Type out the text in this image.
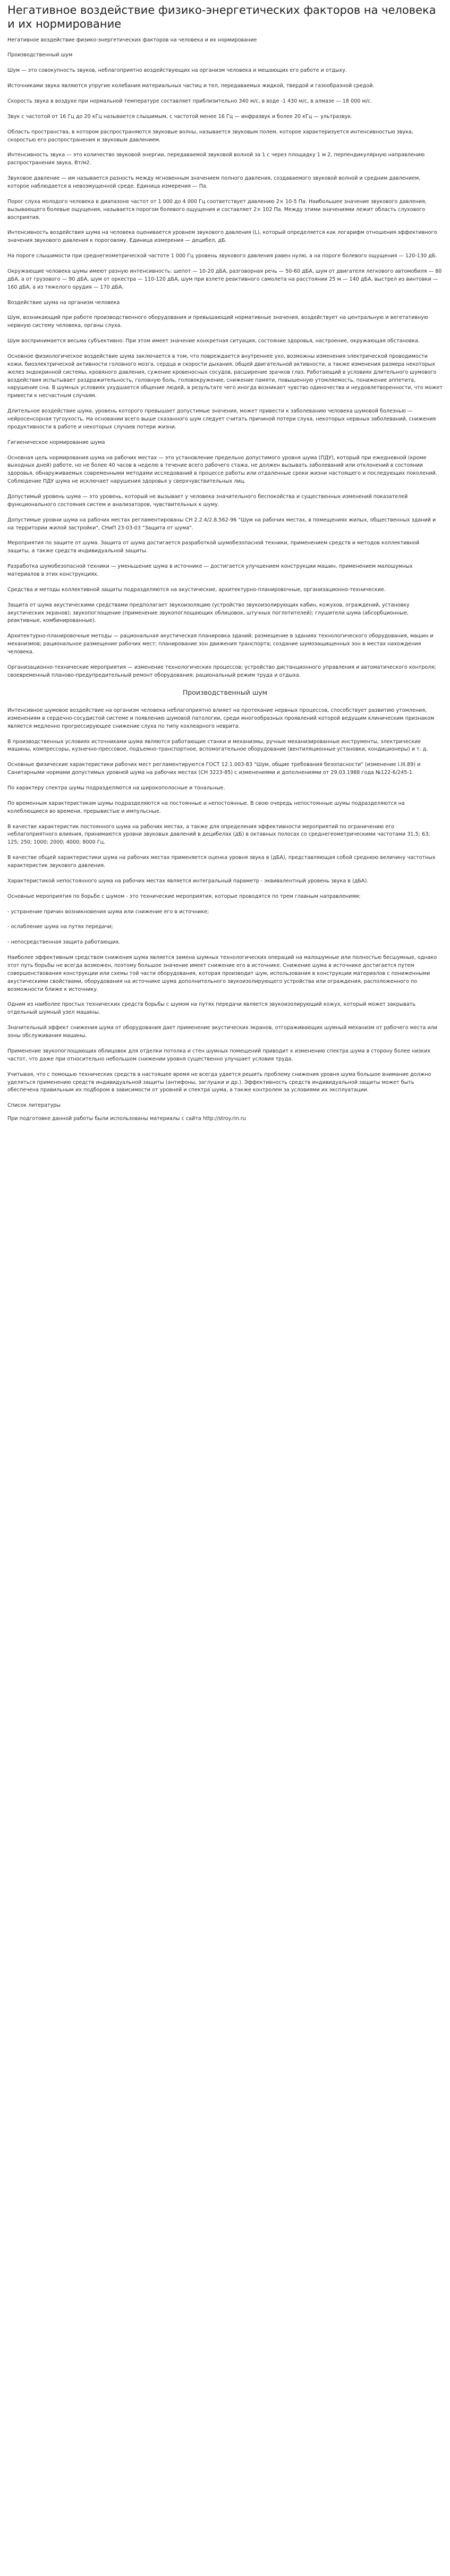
Негативное воздействие физико-энергетических факторов на человека и их нормирование

Негативное воздействие физико-энергетических факторов на человека и их нормирование

Производственный шум

Шум — это совокупность звуков, неблагоприятно воздействующих на организм человека и мешающих его работе и отдыху.

Источниками звука являются упругие колебания материальных частиц и тел, передаваемых жидкой, твердой и газообразной средой.

Скорость звука в воздухе при нормальной температуре составляет приблизительно 340 м/с, в воде -1 430 м/с, в алмазе — 18 000 м/с.

Звук с частотой от 16 Гц до 20 кГц называется слышимым, с частотой менее 16 Гц — инфразвук и более 20 кГц — ультразвук.

Область пространства, в котором распространяются звуковые волны, называется звуковым полем, которое характеризуется интенсивностью звука, скоростью его распространения и звуковым давлением.

Интенсивность звука — это количество звуковой энергии, передаваемой звуковой волной за 1 с через площадку 1 м 2, перпендикулярную направлению распространения звука, Вт/м2.

Звуковое давление — им называется разность между мгновенным значением полного давления, создаваемого звуковой волной и средним давлением, которое наблюдается в невозмущенной среде. Единица измерения — Па.

Порог слуха молодого человека в диапазоне частот от 1 000 до 4 000 Гц соответствует давлению 2× 10-5 Па. Наибольшее значение звукового давления, вызывающего болевые ощущения, называется порогом болевого ощущения и составляет 2× 102 Па. Между этими значениями лежит область слухового восприятия.

Интенсивность воздействия шума на человека оценивается уровнем звукового давления (L), который определяется как логарифм отношения эффективного значения звукового давления к пороговому. Единица измерения — децибел, дБ.

На пороге слышимости при среднегеометрической частоте 1 000 Гц уровень звукового давления равен нулю, а на пороге болевого ощущения — 120-130 дБ.

Окружающие человека шумы имеют разную интенсивность: шепот — 10-20 дБА, разговорная речь — 50-60 дБА, шум от двигателя легкового автомобиля — 80 дБА, а от грузового — 90 дБА, шум от оркестра — 110-120 дБА, шум при взлете реактивного самолета на расстоянии 25 м — 140 дБА, выстрел из винтовки — 160 дБА, а из тяжелого орудия — 170 дБА.

Воздействие шума на организм человека

Шум, возникающий при работе производственного оборудования и превышающий нормативные значения, воздействует на центральную и вегетативную нервную систему человека, органы слуха.

Шум воспринимается весьма субъективно. При этом имеет значение конкретная ситуация, состояние здоровья, настроение, окружающая обстановка.

Основное физиологическое воздействие шума заключается в том, что повреждается внутреннее ухо, возможны изменения электрической проводимости кожи, биоэлектрической активности головного мозга, сердца и скорости дыхания, общей двигательной активности, а также изменения размера некоторых желез эндокринной системы, кровяного давления, сужение кровеносных сосудов, расширение зрачков глаз. Работающий в условиях длительного шумового воздействия испытывает раздражительность, головную боль, головокружение, снижение памяти, повышенную утомляемость, понижение аппетита, нарушение сна. В шумных условиях ухудшается общение людей, в результате чего иногда возникает чувство одиночества и неудовлетворенности, что может привести к несчастным случаям.

Длительное воздействие шума, уровень которого превышает допустимые значения, может привести к заболеванию человека шумовой болезнью — нейросенсорная тугоухость. На основании всего выше сказанного шум следует считать причиной потери слуха, некоторых нервных заболеваний, снижения продуктивности в работе и некоторых случаев потери жизни.

Гигиеническое нормирование шума

Основная цель нормирования шума на рабочих местах — это установление предельно допустимого уровня шума (ПДУ), который при ежедневной (кроме выходных дней) работе, но не более 40 часов в неделю в течение всего рабочего стажа, не должен вызывать заболеваний или отклонений в состоянии здоровья, обнаруживаемых современными методами исследований в процессе работы или отдаленные сроки жизни настоящего и последующих поколений. Соблюдение ПДУ шума не исключает нарушения здоровья у сверхчувствительных лиц.

Допустимый уровень шума — это уровень, который не вызывает у человека значительного беспокойства и существенных изменений показателей функционального состояния систем и анализаторов, чувствительных к шуму.

Допустимые уровни шума на рабочих местах регламентированы СН 2.2.4/2.8.562-96 "Шум на рабочих местах, в помещениях жилых, общественных зданий и на территории жилой застройки", СНиП 23-03-03 "Защита от шума".

Мероприятия по защите от шума. Защита от шума достигается разработкой шумобезопасной техники, применением средств и методов коллективной защиты, а также средств индивидуальной защиты.

Разработка шумобезопасной техники — уменьшение шума в источнике — достигается улучшением конструкции машин, применением малошумных материалов в этих конструкциях.

Средства и методы коллективной защиты подразделяются на акустические, архитектурно-планировочные, организационно-технические.

Защита от шума акустическими средствами предполагает звукоизоляцию (устройство звукоизолирующих кабин, кожухов, ограждений, установку акустических экранов); звукопоглощение (применение звукопоглощающих облицовок, штучных поглотителей); глушители шума (абсорбционные, реактивные, комбинированные).

Архитектурно-планировочные методы — рациональная акустическая планировка зданий; размещение в зданиях технологического оборудования, машин и механизмов; рациональное размещение рабочих мест; планирование зон движения транспорта; создание шумозащищенных зон в местах нахождения человека.

Организационно-технические мероприятия — изменение технологических процессов; устройство дистанционного управления и автоматического контроля; своевременный планово-предупредительный ремонт оборудования; рациональный режим труда и отдыха.

Производственный шум

Интенсивное шумовое воздействие на организм человека неблагоприятно влияет на протекание нервных процессов, способствует развитию утомления, изменениям в сердечно-сосудистой системе и появлению шумовой патологии, среди многообразных проявлений которой ведущим клиническим признаком является медленно прогрессирующее снижение слуха по типу кохлеарного неврита.

В производственных условиях источниками шума являются работающие станки и механизмы, ручные механизированные инструменты, электрические машины, компрессоры, кузнечно-прессовое, подъемно-транспортное, вспомогательное оборудование (вентиляционные установки, кондиционеры) и т. д.

Основные физические характеристики рабочих мест регламентируются ГОСТ 12.1.003-83 "Шум, общие требования безопасности" (изменение I.III.89) и Санитарными нормами допустимых уровней шума на рабочих местах (СН 3223-85) с изменениями и дополнениями от 29.03.1988 года №122-6/245-1.

По характеру спектра шумы подразделяются на широкополосные и тональные.

По временным характеристикам шумы подразделяются на постоянные и непостоянные. В свою очередь непостоянные шумы подразделяются на колеблющиеся во времени, прерывистые и импульсные.

В качестве характеристик постоянного шума на рабочих местах, а также для определения эффективности мероприятий по ограничению его неблагоприятного влияния, принимаются уровни звуковых давлений в децибелах (дБ) в октавных полосах со среднегеометрическими частотами 31,5; 63; 125; 250; 1000; 2000; 4000; 8000 Гц.

В качестве общей характеристики шума на рабочих местах применяется оценка уровня звука в (дБА), представляющая собой среднюю величину частотных характеристик звукового давления.

Характеристикой непостоянного шума на рабочих местах является интегральный параметр - эквивалентный уровень звука в (дБА).

Основные мероприятия по борьбе с шумом - это технические мероприятия, которые проводятся по трем главным направлениям:

- устранение причин возникновения шума или снижение его в источнике;

- ослабление шума на путях передачи;

- непосредственная защита работающих.

Наиболее эффективным средством снижения шума является замена шумных технологических операций на малошумные или полностью бесшумные, однако этот путь борьбы не всегда возможен, поэтому большое значение имеет снижение его в источнике. Снижение шума в источнике достигается путем совершенствования конструкции или схемы той части оборудования, которая производит шум, использования в конструкции материалов с пониженными акустическими свойствами, оборудования на источнике шума дополнительного звукоизолирующего устройства или ограждения, расположенного по возможности ближе к источнику.

Одним из наиболее простых технических средств борьбы с шумом на путях передачи является звукоизолирующий кожух, который может закрывать отдельный шумный узел машины.

Значительный эффект снижения шума от оборудования дает применение акустических экранов, отгораживающих шумный механизм от рабочего места или зоны обслуживания машины.

Применение звукопоглощающих облицовок для отделки потолка и стен шумных помещений приводит к изменению спектра шума в сторону более низких частот, что даже при относительно небольшом снижении уровня существенно улучшает условия труда.

Учитывая, что с помощью технических средств в настоящее время не всегда удается решить проблему снижения уровня шума большое внимание должно уделяться применению средств индивидуальной защиты (антифоны, заглушки и др.). Эффективность средств индивидуальной защиты может быть обеспечена правильным их подбором в зависимости от уровней и спектра шума, а также контролем за условиями их эксплуатации.

Список литературы

При подготовке данной работы были использованы материалы с сайта http://stroy.rin.ru
